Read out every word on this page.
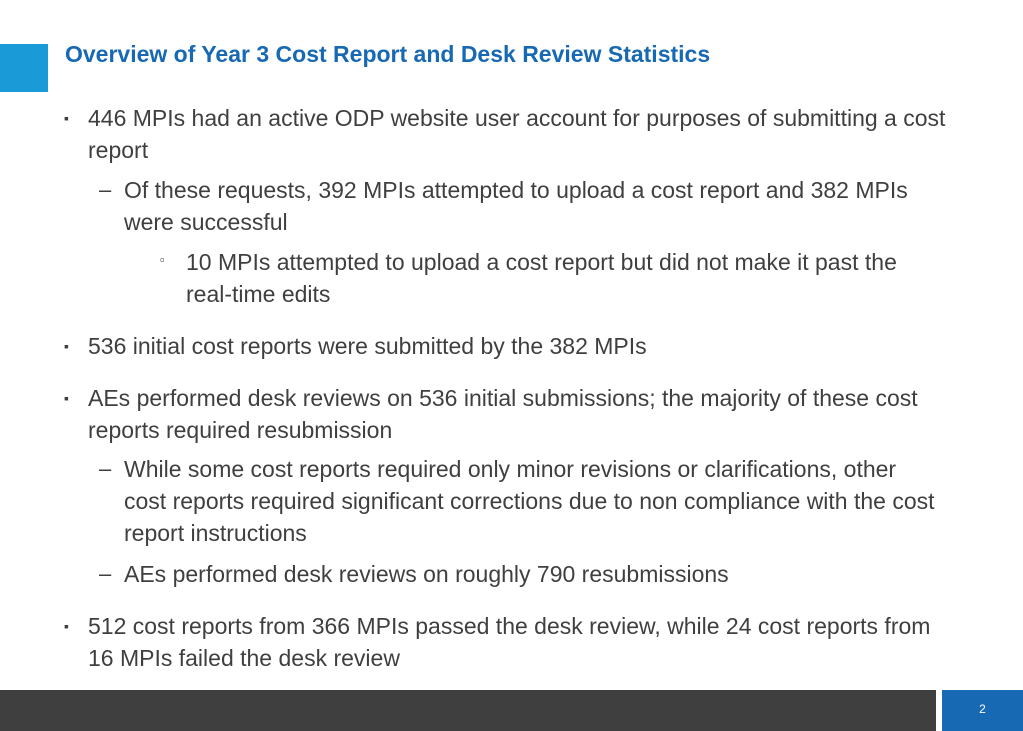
Overview of Year 3 Cost Report and Desk Review Statistics
▪ 446 MPIs had an active ODP website user account for purposes of submitting a cost report
– Of these requests, 392 MPIs attempted to upload a cost report and 382 MPIs were successful
▫ 10 MPIs attempted to upload a cost report but did not make it past the real-time edits
▪ 536 initial cost reports were submitted by the 382 MPIs
▪ AEs performed desk reviews on 536 initial submissions; the majority of these cost reports required resubmission
– While some cost reports required only minor revisions or clarifications, other cost reports required significant corrections due to non compliance with the cost report instructions
– AEs performed desk reviews on roughly 790 resubmissions
▪ 512 cost reports from 366 MPIs passed the desk review, while 24 cost reports from 16 MPIs failed the desk review
2
